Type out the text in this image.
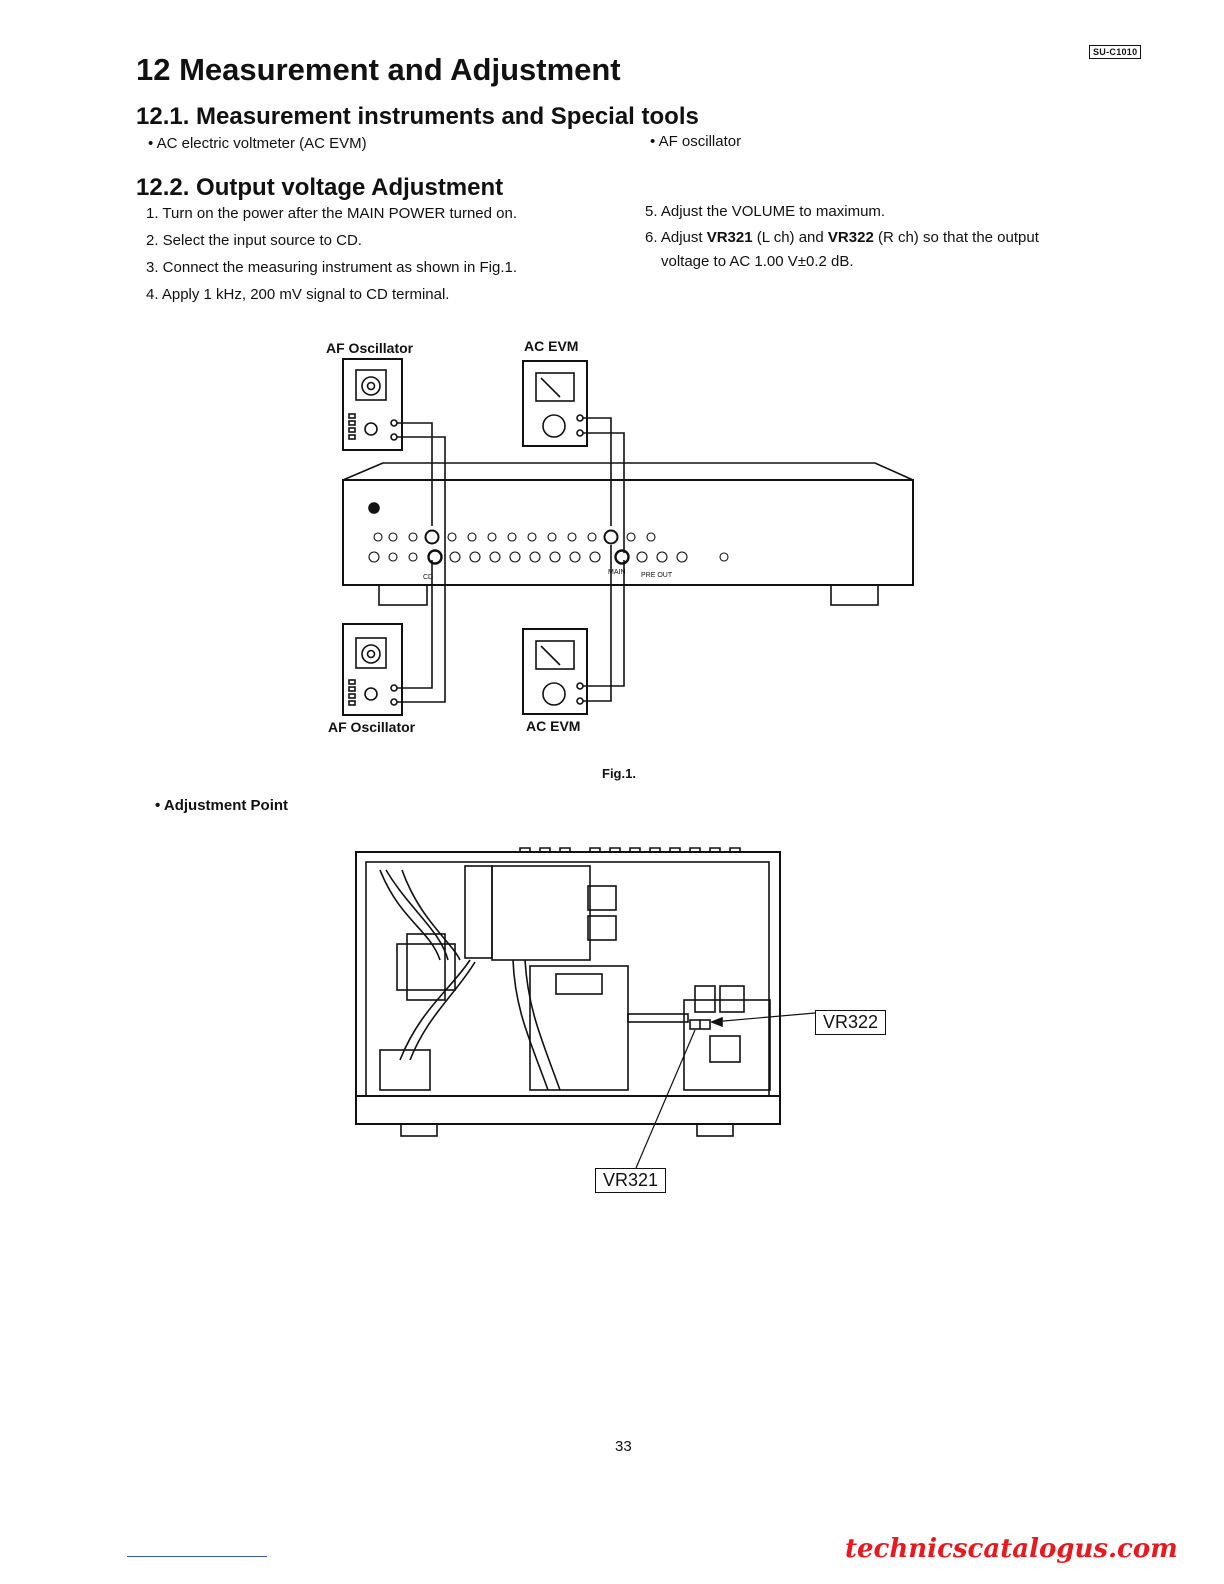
SU-C1010
12 Measurement and Adjustment
12.1. Measurement instruments and Special tools
• AC electric voltmeter (AC EVM)	• AF oscillator
12.2. Output voltage Adjustment
1. Turn on the power after the MAIN POWER turned on.
2. Select the input source to CD.
3. Connect the measuring instrument as shown in Fig.1.
4. Apply 1 kHz, 200 mV signal to CD terminal.
5. Adjust the VOLUME to maximum.
6. Adjust VR321 (L ch) and VR322 (R ch) so that the output
voltage to AC 1.00 V±0.2 dB.
AF Oscillator	AC EVM
AF Oscillator	AC EVM
CD
MAIN PRE OUT
Fig.1.
• Adjustment Point
VR322
VR321
33
technicscatalogus.com
